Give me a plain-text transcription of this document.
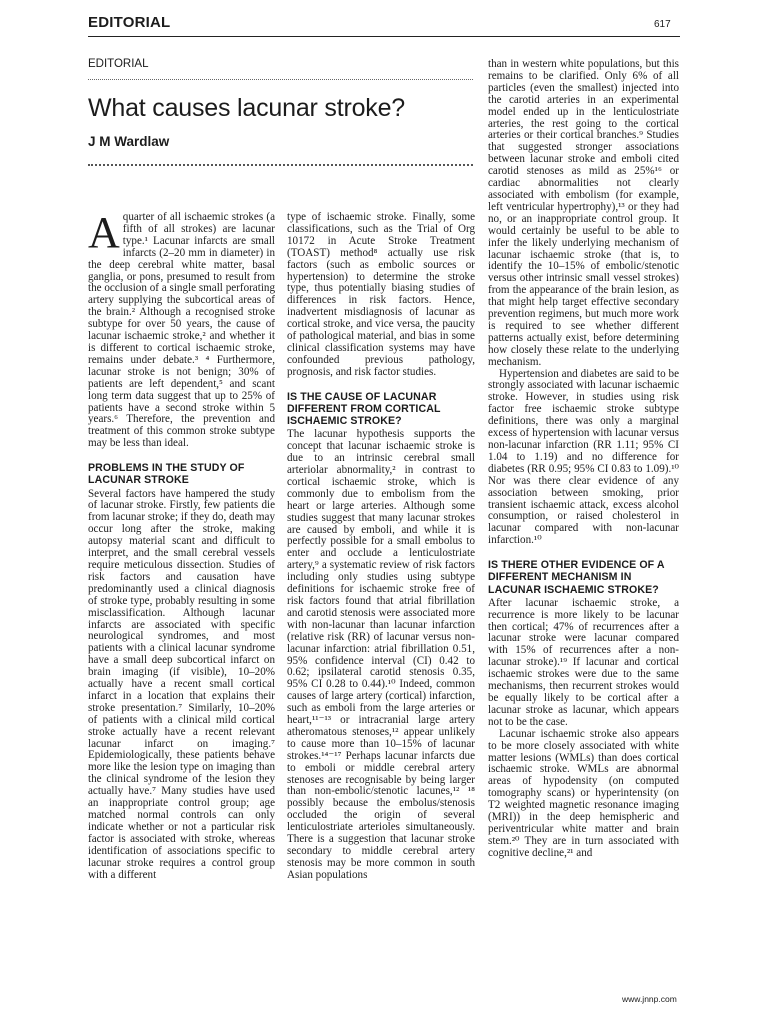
EDITORIAL	617
EDITORIAL
What causes lacunar stroke?
J M Wardlaw

Aquarter of all ischaemic strokes (a fifth of all strokes) are lacunar type.¹ Lacunar infarcts are small infarcts (2–20 mm in diameter) in the deep cerebral white matter, basal ganglia, or pons, presumed to result from the occlusion of a single small perforating artery supplying the subcortical areas of the brain.² Although a recognised stroke subtype for over 50 years, the cause of lacunar ischaemic stroke,² and whether it is different to cortical ischaemic stroke, remains under debate.³ ⁴ Furthermore, lacunar stroke is not benign; 30% of patients are left dependent,⁵ and scant long term data suggest that up to 25% of patients have a second stroke within 5 years.⁶ Therefore, the prevention and treatment of this common stroke subtype may be less than ideal.

PROBLEMS IN THE STUDY OF LACUNAR STROKE

Several factors have hampered the study of lacunar stroke. Firstly, few patients die from lacunar stroke; if they do, death may occur long after the stroke, making autopsy material scant and difficult to interpret, and the small cerebral vessels require meticulous dissection. Studies of risk factors and causation have predominantly used a clinical diagnosis of stroke type, probably resulting in some misclassification. Although lacunar infarcts are associated with specific neurological syndromes, and most patients with a clinical lacunar syndrome have a small deep subcortical infarct on brain imaging (if visible), 10–20% actually have a recent small cortical infarct in a location that explains their stroke presentation.⁷ Similarly, 10–20% of patients with a clinical mild cortical stroke actually have a recent relevant lacunar infarct on imaging.⁷ Epidemiologically, these patients behave more like the lesion type on imaging than the clinical syndrome of the lesion they actually have.⁷ Many studies have used an inappropriate control group; age matched normal controls can only indicate whether or not a particular risk factor is associated with stroke, whereas identification of associations specific to lacunar stroke requires a control group with a different

type of ischaemic stroke. Finally, some classifications, such as the Trial of Org 10172 in Acute Stroke Treatment (TOAST) method⁸ actually use risk factors (such as embolic sources or hypertension) to determine the stroke type, thus potentially biasing studies of differences in risk factors. Hence, inadvertent misdiagnosis of lacunar as cortical stroke, and vice versa, the paucity of pathological material, and bias in some clinical classification systems may have confounded previous pathology, prognosis, and risk factor studies.

IS THE CAUSE OF LACUNAR DIFFERENT FROM CORTICAL ISCHAEMIC STROKE?

The lacunar hypothesis supports the concept that lacunar ischaemic stroke is due to an intrinsic cerebral small arteriolar abnormality,² in contrast to cortical ischaemic stroke, which is commonly due to embolism from the heart or large arteries. Although some studies suggest that many lacunar strokes are caused by emboli, and while it is perfectly possible for a small embolus to enter and occlude a lenticulostriate artery,⁹ a systematic review of risk factors including only studies using subtype definitions for ischaemic stroke free of risk factors found that atrial fibrillation and carotid stenosis were associated more with non-lacunar than lacunar infarction (relative risk (RR) of lacunar versus non-lacunar infarction: atrial fibrillation 0.51, 95% confidence interval (CI) 0.42 to 0.62; ipsilateral carotid stenosis 0.35, 95% CI 0.28 to 0.44).¹⁰ Indeed, common causes of large artery (cortical) infarction, such as emboli from the large arteries or heart,¹¹⁻¹³ or intracranial large artery atheromatous stenoses,¹² appear unlikely to cause more than 10–15% of lacunar strokes.¹⁴⁻¹⁷ Perhaps lacunar infarcts due to emboli or middle cerebral artery stenoses are recognisable by being larger than non-embolic/stenotic lacunes,¹² ¹⁸ possibly because the embolus/stenosis occluded the origin of several lenticulostriate arterioles simultaneously. There is a suggestion that lacunar stroke secondary to middle cerebral artery stenosis may be more common in south Asian populations

than in western white populations, but this remains to be clarified. Only 6% of all particles (even the smallest) injected into the carotid arteries in an experimental model ended up in the lenticulostriate arteries, the rest going to the cortical arteries or their cortical branches.⁹ Studies that suggested stronger associations between lacunar stroke and emboli cited carotid stenoses as mild as 25%¹⁶ or cardiac abnormalities not clearly associated with embolism (for example, left ventricular hypertrophy),¹³ or they had no, or an inappropriate control group. It would certainly be useful to be able to infer the likely underlying mechanism of lacunar ischaemic stroke (that is, to identify the 10–15% of embolic/stenotic versus other intrinsic small vessel strokes) from the appearance of the brain lesion, as that might help target effective secondary prevention regimens, but much more work is required to see whether different patterns actually exist, before determining how closely these relate to the underlying mechanism.

Hypertension and diabetes are said to be strongly associated with lacunar ischaemic stroke. However, in studies using risk factor free ischaemic stroke subtype definitions, there was only a marginal excess of hypertension with lacunar versus non-lacunar infarction (RR 1.11; 95% CI 1.04 to 1.19) and no difference for diabetes (RR 0.95; 95% CI 0.83 to 1.09).¹⁰ Nor was there clear evidence of any association between smoking, prior transient ischaemic attack, excess alcohol consumption, or raised cholesterol in lacunar compared with non-lacunar infarction.¹⁰

IS THERE OTHER EVIDENCE OF A DIFFERENT MECHANISM IN LACUNAR ISCHAEMIC STROKE?

After lacunar ischaemic stroke, a recurrence is more likely to be lacunar then cortical; 47% of recurrences after a lacunar stroke were lacunar compared with 15% of recurrences after a non-lacunar stroke).¹⁹ If lacunar and cortical ischaemic strokes were due to the same mechanisms, then recurrent strokes would be equally likely to be cortical after a lacunar stroke as lacunar, which appears not to be the case.

Lacunar ischaemic stroke also appears to be more closely associated with white matter lesions (WMLs) than does cortical ischaemic stroke. WMLs are abnormal areas of hypodensity (on computed tomography scans) or hyperintensity (on T2 weighted magnetic resonance imaging (MRI)) in the deep hemispheric and periventricular white matter and brain stem.²⁰ They are in turn associated with cognitive decline,²¹ and

www.jnnp.com
